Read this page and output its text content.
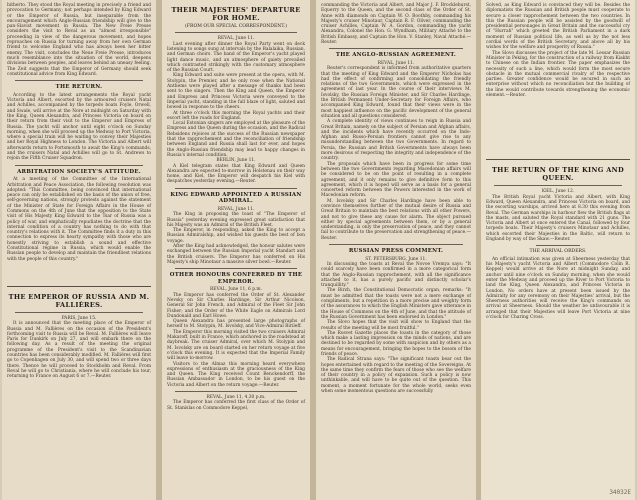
hitherto. They stood the Royal meeting in precisely a friend and provocation to Germany; not perhaps intended by King Edward or the Emperor of Russia, but inseparable from the encouragement which Anglo-Russian friendship will give to the pan-Slavist movement in Russia. The New Freie Presse considers the visit to Reval as an "almost irresponsible" proceeding in view of the dangerous movement, and hopes reproaches on Russia for turning away from her own German friend to welcome England who has always been her bitter enemy. The visit, concludes the Neue Freie Presse, introduces much resemblance into the situation of the world, deepens divisions between peoples, and leaves behind an uneasy feeling. The Zeit suggests that the Emperor of Germany should seek constitutional advice from King Edward.

THE RETURN.

According to the latest arrangements the Royal yacht Victoria and Albert, escorted by the armoured cruisers Natal and Achilles, accompanied by the torpedo boats Foyle, Orwell, and Swale, will arrive at the Nore at midnight on Saturday with the King, Queen Alexandra, and Princess Victoria on board on their return from their visit to the Emperor and Empress of Russia. The yacht will anchor until eight o'clock on Sunday morning, when she will proceed up the Medway to Port Victoria, where a special train will be waiting to convey their Majesties and her Royal Highness to London. The Victoria and Albert will afterwards return to Portsmouth to await the King's commands, and the cruisers Natal and Achilles will go to St. Andrews to rejoin the Fifth Cruiser Squadron.

ARBITRATION SOCIETY'S ATTITUDE.

At a meeting of the Committee of the International Arbitration and Peace Association, the following resolution was adopted: "This Committee, being convinced that international peace can only be established on the basis of the union of free, self-governing nations, strongly protests against the statement of the Minister of State for Foreign Affairs in the House of Commons on the 4th of June that the opposition to the State visit of His Majesty King Edward to the Tsar of Russia was a policy of war, and emphatically repudiates the doctrine that the internal condition of a country has nothing to do with that country's relations with it. The Committee finds it a duty in this connection to express its hearty sympathy with those who are honestly striving to establish a sound and effective Constitutional régime in Russia, which would enable the Russian people to develop and maintain the friendliest relations with the people of this country."

THE EMPEROR OF RUSSIA AND M. FALLIÈRES.

PARIS, June 15.

It is announced that the meeting place of the Emperor of Russia and M. Fallières on the occasion of the President's forthcoming visit to Russia will be Reval. M. Fallières will leave Paris for Dunkirk on July 27, and will embark there on the following day. As a result of the meeting the original programme of the President's visit to the Scandinavian countries has been considerably modified. M. Fallières will first go to Copenhagen on July 30, and will spend two or three days there. Thence he will proceed to Stockholm and Reval. From Reval he will go to Christiania, where he will conclude his tour, returning to France on August 6 or 7.—Reuter.

THEIR MAJESTIES' DEPARTURE FOR HOME.
(FROM OUR SPECIAL CORRESPONDENT.)

REVAL, June 11.

Last evening after dinner the Royal Party went on deck listening to songs sung at intervals by the Balalaika, Russian, and German choirs. The band of the Emperor's yacht played light dance music, and an atmosphere of gaiety prevailed which contrasted strikingly with the customary atmosphere of the Russian Court.

King Edward and suite were present at the opera, with M. Stolypin, the Premier, and he only rose when the National Anthems were played after a message of thanks had been sent to the singers. Then the King and Queen, the Emperor and Empress and Princess Victoria were conveyed to the Imperial yacht, standing in the full blaze of light, saluted and bowed in response to the cheers.

At three o'clock this morning the Royal yachts and their escort left the roads for England.

Local Estonian singers are employed at the pleasure of the Empress and the Queen during the occasion, and the Radical Rebsidens rejoices at the success of the Russian newspaper that the rapprochement and the reconciliation of friendship between England and Russia shall last for ever, and hopes the Anglo-Russian friendship may lead to happy changes in Russia's internal condition.

BERLIN, June 11.

A Kiel telegram states that King Edward and Queen Alexandra are expected to-morrow in Holstenau on their way home, and Kiel, the Emperor will despatch his Kiel with despatches yesterday evening.—Reuter.

KING EDWARD APPOINTED A RUSSIAN ADMIRAL.

REVAL, June 11.

The King in proposing the toast of "The Emperor of Russia" yesterday evening expressed great satisfaction that his Majesty was an Admiral of the British Fleet.

The Emperor, in responding, asked the King to accept a Russian Admiralship, and wished his guests the best of bon voyage.

After the King had acknowledged, the honour salutes were exchanged between the Russian Imperial yacht Standart and the British cruisers. The Emperor has conferred on His Majesty's ship Minotaur a massive silver bowl.—Reuter.

OTHER HONOURS CONFERRED BY THE EMPEROR.

REVAL, June 11, 6 p.m.

The Emperor has conferred the Order of St. Alexander Nevsky on Sir Charles Hardinge, Sir Arthur Nicolson, General Sir John French, and Admiral of the Fleet Sir John Fisher; and the Order of the White Eagle on Admirals Lord Dundonald and Earl Howe.

Queen Alexandra has presented large photographs of herself to M. Stolypin, M. Isvolsky, and Vice-Admiral Birileff.

The Emperor this morning visited the two cruisers Admiral Makaroff, built in France, which anchored in the roadstead at daybreak. The cruiser Admiral, over which M. Stolypin and M. Isvolsky are on board started on her return voyage at five o'clock this evening. It is expected that the Imperial Family will leave to-morrow.

Visitors to the Almaz this morning heard everywhere expressions of enthusiasm at the graciousness of the King and Queen. The King received Count Benckendorff, the Russian Ambassador in London, to be his guest on the Victoria and Albert on the return voyage.—Reuter.

REVAL, June 11, 4.30 p.m.

The Emperor has conferred the first class of the Order of St. Stanislas on Commodore Keppel,

commanding the Victoria and Albert, and Major J. F. Brocklehurst, Equerry to the Queen, and the second class of the Order of St. Anne with diamonds on Captain W. O. Boothby, commanding his Majesty's cruiser Minotaur, Captain R. F. Oliver, commanding the cruiser Achilles, Captain W. A. Gordon, commanding the yacht Alexandra, Colonel the Hon. G. Wyndham, Military Attaché to the British Embassy, and Captain the Hon. V. Stanley, Naval Attaché.—Reuter.

THE ANGLO-RUSSIAN AGREEMENT.

REVAL, June 11.

Reuter's correspondent is informed from authoritative quarters that the meeting of King Edward and the Emperor Nicholas has had the effect of confirming and consolidating the friendly relations of the two Governments, which were expressed in the agreement of last year. In the course of their interviews M. Isvolsky, the Russian Foreign Minister, and Sir Charles Hardinge, the British Permanent Under-Secretary for Foreign Affairs, who accompanied King Edward, found that their views were in the most happiest influence on the pacific development of the general situation and all questions considered.

A complete identity of views continues to reign in Russia and Great Britain, namely on the subject of Persian and Afghan affairs, and the incidents which have recently occurred on the Indo-Afghan and Russo-Persian frontiers cannot give rise to any misunderstanding between the two Governments. In regard to Persia, the Russian and British Governments have always been more desirous of respecting the integrity and independence of the country.

The proposals which have been in progress for some time between the two Governments regarding Macedonian affairs will be considered to be on the point of resulting in a complete agreement, and it only remains to give definitive form to this agreement, which it is hoped will serve as a basis for a general concerted reform between the Powers interested in the work of Macedonian reform.

M. Isvolsky and Sir Charles Hardinge have been able to convince themselves further of the mutual desire of Russia and Great Britain to maintain the best relations with all other Powers, and not to give these any cause for alarm. The object pursued either by special agreements between them, or by a general understanding, is only the preservation of peace, and they cannot fail to contribute to the preservation and strengthening of peace.—Reuter.

RUSSIAN PRESS COMMENT.

ST. PETERSBURG, June 11.

In discussing the toasts at Reval the Novoe Vremya says: "It could scarcely have been confirmed in a more categorical form that the Anglo-Russian rapprochement, with all the significance attached to it, has a purely pacific and distinctly scholar's tranquillity."

The Birzh, the Constitutional Democratic organ, remarks: "It must be admitted that the toasts were not a mere exchange of compliments, but a repetition in a more precise and weighty form of the assurances to which the English Ministers gave utterance in the House of Commons on the 4th of June, and that the attitude of the Russian Government has been endorsed in London."

The Slovo hopes that the visit will show to England that the results of the meeting will be most fruitful."

The Rosvet Gazette places the toasts in the category of those which make a lasting impression on the minds of nations, and are destined to be regarded by some with suspicion and by others as a means for encouragement, bringing the hopes to the bosom of the friends of peace.

The Radical Strana says: "The significant toasts bear out the hopes entertained with regard to the meeting of the Sovereigns. At the same time they confirm the fears of those who see the welfare of their country in a policy of expansion. Such a policy is now unthinkable, and will have to be quite out of the question. This moment, a moment fortunate for the whole world, seeks even when some momentous questions are successfully

Solved, as King Edward is convinced they will be. Besides the diplomatists the Russian and British people must cooperate to secure a closer rapprochement between the two countries. In this the Russian people will be assisted by the goodwill of presidential personages in Great Britain and the successful cry of "Hurrah" which greeted the British Parliament in a dark moment of Russian political life, as well as by the not less cordial words of the British Secretary, and above all by his wishes for the welfare and prosperity of Russia."

The Slovo discusses the project of the late M. Lessar Russian Minister in Peking, for the construction of a railway from Kiakht to Chinese on the Indian frontier. The paper emphasizes the necessity of such a line, which would form the most secure obstacle in the mutual commercial rivalry of the respective parties. Greater confidence would be secured in such an enterprise without which no reconciliation but the building of the line would contribute towards strengthening the economic element.—Reuter.

THE RETURN OF THE KING AND QUEEN.

KIEL, June 12.

The British Royal yacht Victoria and Albert, with King Edward, Queen Alexandra, and Princess Victoria on board, and the escorting warships, arrived here at 8.30 this evening from Reval. The German warships in harbour flew the British flags at the masts, and saluted the Royal standard with 21 guns. The Victoria and Albert at once entered the Canal, followed by four torpedo boats. Their Majesty's cruisers Minotaur and Achilles, which escorted their Majesties in the Baltic, will return to England by way of the Skaw.—Reuter.

THE ARRIVAL ORDERS.

An official intimation was given at Sheerness yesterday that his Majesty's yacht Victoria and Albert (Commodore Colin R. Keppel) would arrive at the Nore at midnight Sunday, and anchor until nine o'clock on Sunday morning, when she would enter the Medway and proceed up the River to Port Victoria to land the King, Queen Alexandra, and Princess Victoria in London. No orders have at present been issued by the Admiralty for any ceremony on their Majesties' arrival, but the Sheerness authorities will receive the King's commands on arrival at Sheerness. Should the weather be unfavourable it is arranged that their Majesties will leave Port Victoria at nine o'clock for Charing Cross.

34032E
